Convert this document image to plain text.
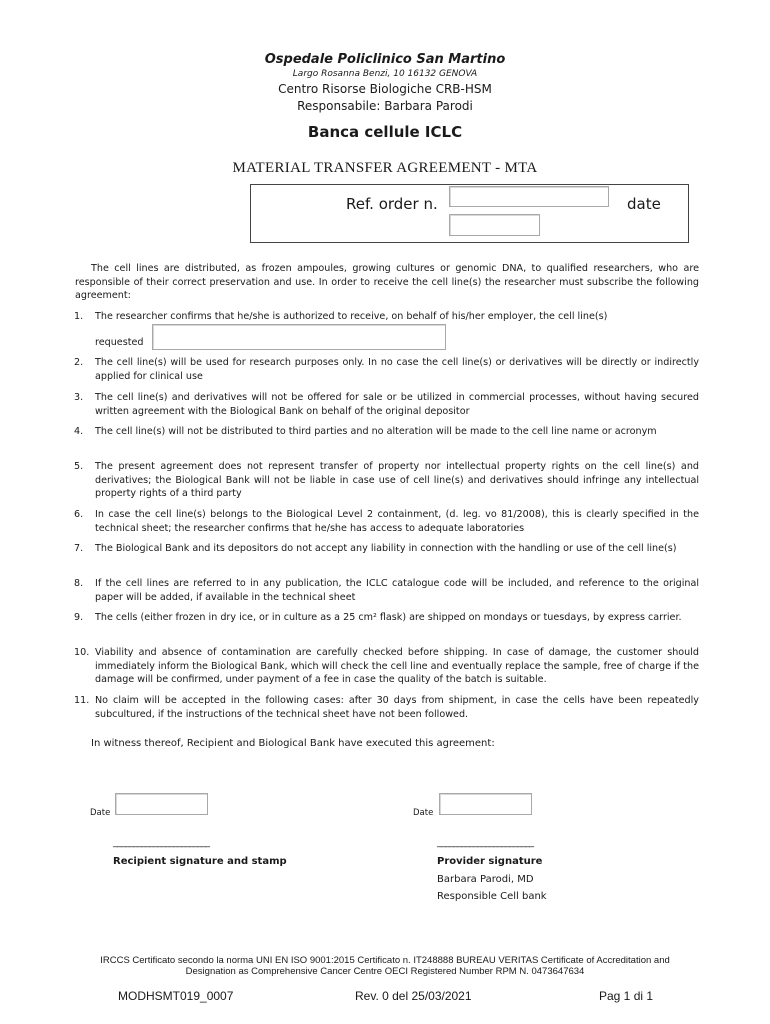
Ospedale Policlinico San Martino
Largo Rosanna Benzi, 10 16132 GENOVA
Centro Risorse Biologiche CRB-HSM
Responsabile: Barbara Parodi
Banca cellule ICLC
MATERIAL TRANSFER AGREEMENT - MTA
Ref. order n.	date
The cell lines are distributed, as frozen ampoules, growing cultures or genomic DNA, to qualified researchers, who are responsible of their correct preservation and use. In order to receive the cell line(s) the researcher must subscribe the following agreement:
1.	The researcher confirms that he/she is authorized to receive, on behalf of his/her employer, the cell line(s)
requested
2.	The cell line(s) will be used for research purposes only. In no case the cell line(s) or derivatives will be directly or indirectly applied for clinical use
3.	The cell line(s) and derivatives will not be offered for sale or be utilized in commercial processes, without having secured written agreement with the Biological Bank on behalf of the original depositor
4.	The cell line(s) will not be distributed to third parties and no alteration will be made to the cell line name or acronym
5.	The present agreement does not represent transfer of property nor intellectual property rights on the cell line(s) and derivatives; the Biological Bank will not be liable in case use of cell line(s) and derivatives should infringe any intellectual property rights of a third party
6.	In case the cell line(s) belongs to the Biological Level 2 containment, (d. leg. vo 81/2008), this is clearly specified in the technical sheet; the researcher confirms that he/she has access to adequate laboratories
7.	The Biological Bank and its depositors do not accept any liability in connection with the handling or use of the cell line(s)
8.	If the cell lines are referred to in any publication, the ICLC catalogue code will be included, and reference to the original paper will be added, if available in the technical sheet
9.	The cells (either frozen in dry ice, or in culture as a 25 cm² flask) are shipped on mondays or tuesdays, by express carrier.
10. Viability and absence of contamination are carefully checked before shipping. In case of damage, the customer should immediately inform the Biological Bank, which will check the cell line and eventually replace the sample, free of charge if the damage will be confirmed, under payment of a fee in case the quality of the batch is suitable.
11. No claim will be accepted in the following cases: after 30 days from shipment, in case the cells have been repeatedly subcultured, if the instructions of the technical sheet have not been followed.
In witness thereof, Recipient and Biological Bank have executed this agreement:
Date
________________________
Recipient signature and stamp
Date
________________________
Provider signature
Barbara Parodi, MD
Responsible Cell bank
IRCCS Certificato secondo la norma UNI EN ISO 9001:2015 Certificato n. IT248888 BUREAU VERITAS Certificate of Accreditation and
Designation as Comprehensive Cancer Centre OECI Registered Number RPM N. 0473647634
MODHSMT019_0007	Rev. 0 del 25/03/2021	Pag 1 di 1
